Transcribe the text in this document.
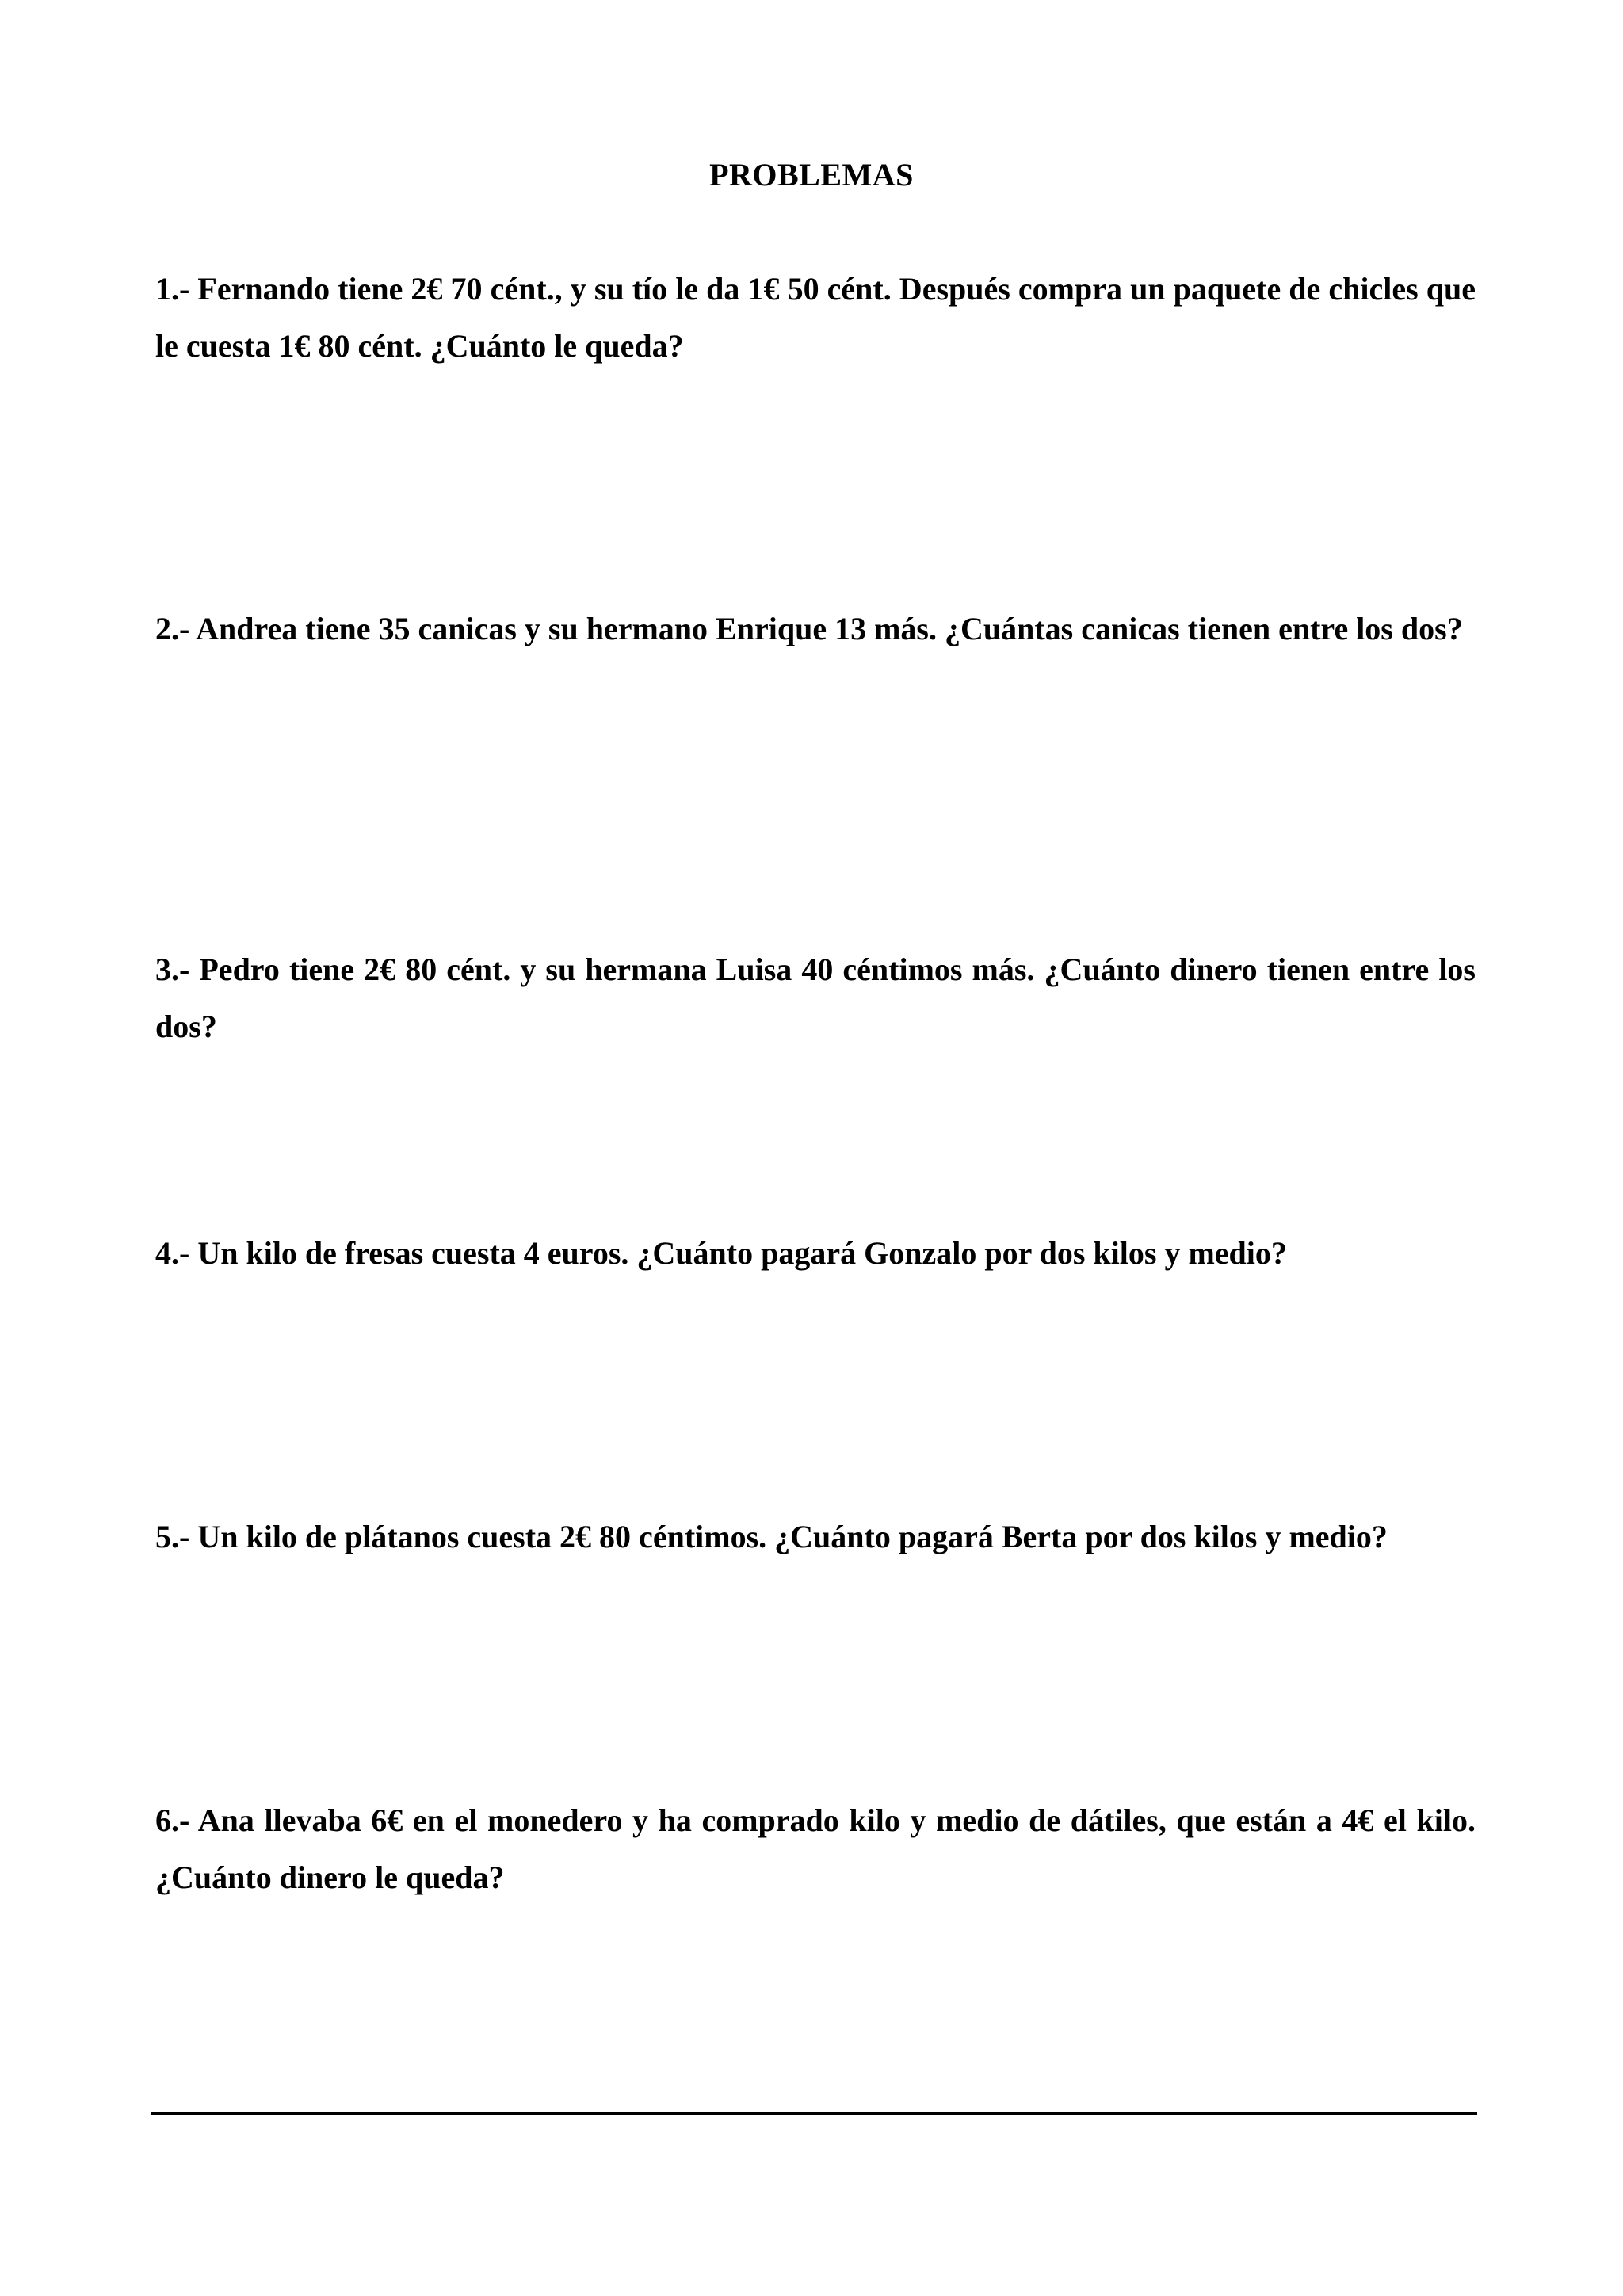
PROBLEMAS

1.- Fernando tiene 2€ 70 cént., y su tío le da 1€ 50 cént. Después compra un paquete de chicles que le cuesta 1€ 80 cént. ¿Cuánto le queda?

2.- Andrea tiene 35 canicas y su hermano Enrique 13 más. ¿Cuántas canicas tienen entre los dos?

3.- Pedro tiene 2€ 80 cént. y su hermana Luisa 40 céntimos más. ¿Cuánto dinero tienen entre los dos?

4.- Un kilo de fresas cuesta 4 euros. ¿Cuánto pagará Gonzalo por dos kilos y medio?

5.- Un kilo de plátanos cuesta 2€ 80 céntimos. ¿Cuánto pagará Berta por dos kilos y medio?

6.- Ana llevaba 6€ en el monedero y ha comprado kilo y medio de dátiles, que están a 4€ el kilo. ¿Cuánto dinero le queda?
